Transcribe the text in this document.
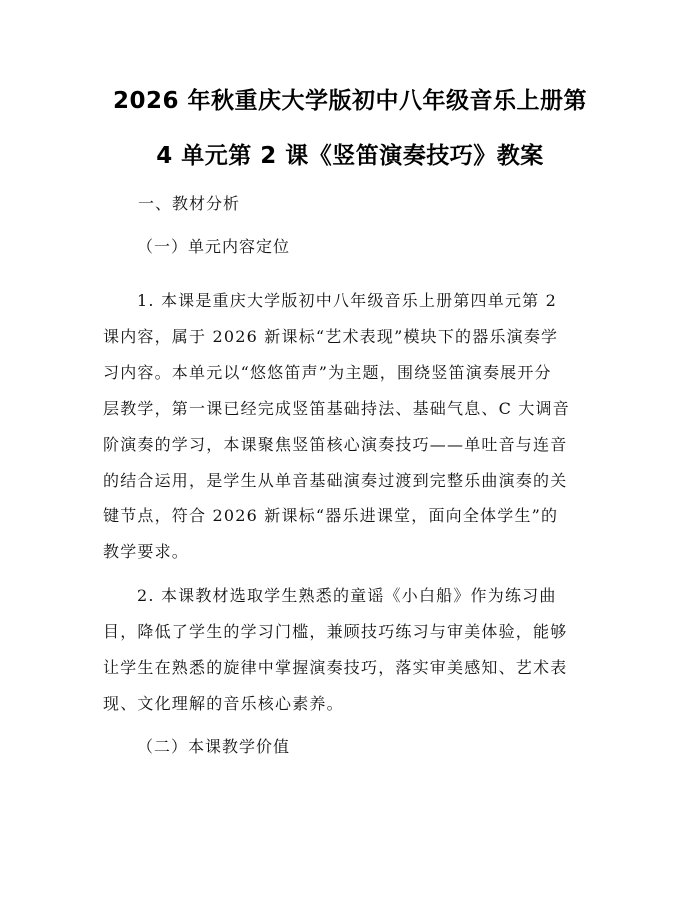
2026 年秋重庆大学版初中八年级音乐上册第
4 单元第 2 课《竖笛演奏技巧》教案
一、教材分析
（一）单元内容定位
1. 本课是重庆大学版初中八年级音乐上册第四单元第 2
课内容，属于 2026 新课标“艺术表现”模块下的器乐演奏学
习内容。本单元以“悠悠笛声”为主题，围绕竖笛演奏展开分
层教学，第一课已经完成竖笛基础持法、基础气息、C 大调音
阶演奏的学习，本课聚焦竖笛核心演奏技巧——单吐音与连音
的结合运用，是学生从单音基础演奏过渡到完整乐曲演奏的关
键节点，符合 2026 新课标“器乐进课堂，面向全体学生”的
教学要求。
2. 本课教材选取学生熟悉的童谣《小白船》作为练习曲
目，降低了学生的学习门槛，兼顾技巧练习与审美体验，能够
让学生在熟悉的旋律中掌握演奏技巧，落实审美感知、艺术表
现、文化理解的音乐核心素养。
（二）本课教学价值
